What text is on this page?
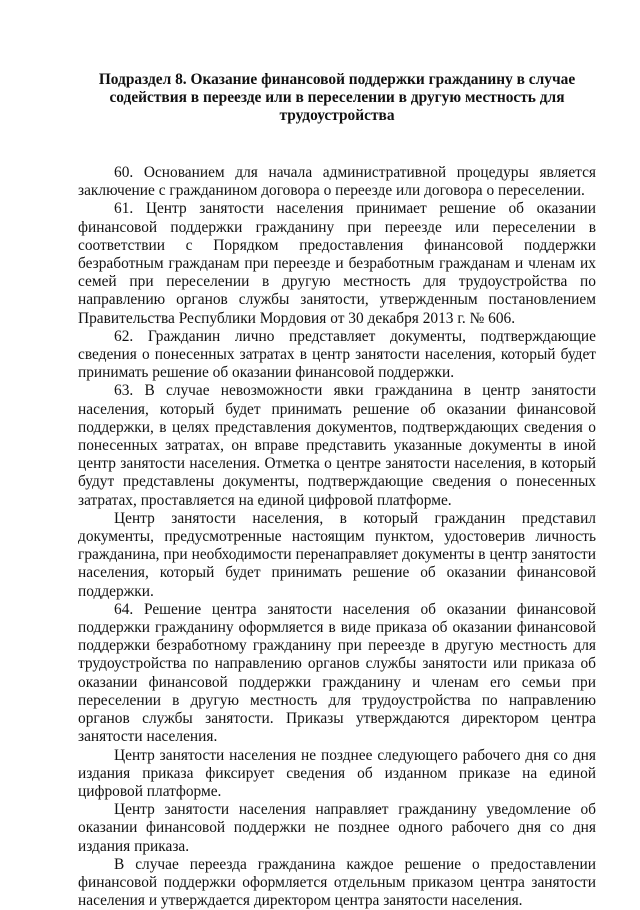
Подраздел 8. Оказание финансовой поддержки гражданину в случае содействия в переезде или в переселении в другую местность для трудоустройства

60. Основанием для начала административной процедуры является заключение с гражданином договора о переезде или договора о переселении.

61. Центр занятости населения принимает решение об оказании финансовой поддержки гражданину при переезде или переселении в соответствии с Порядком предоставления финансовой поддержки безработным гражданам при переезде и безработным гражданам и членам их семей при переселении в другую местность для трудоустройства по направлению органов службы занятости, утвержденным постановлением Правительства Республики Мордовия от 30 декабря 2013 г. № 606.

62. Гражданин лично представляет документы, подтверждающие сведения о понесенных затратах в центр занятости населения, который будет принимать решение об оказании финансовой поддержки.

63. В случае невозможности явки гражданина в центр занятости населения, который будет принимать решение об оказании финансовой поддержки, в целях представления документов, подтверждающих сведения о понесенных затратах, он вправе представить указанные документы в иной центр занятости населения. Отметка о центре занятости населения, в который будут представлены документы, подтверждающие сведения о понесенных затратах, проставляется на единой цифровой платформе.

Центр занятости населения, в который гражданин представил документы, предусмотренные настоящим пунктом, удостоверив личность гражданина, при необходимости перенаправляет документы в центр занятости населения, который будет принимать решение об оказании финансовой поддержки.

64. Решение центра занятости населения об оказании финансовой поддержки гражданину оформляется в виде приказа об оказании финансовой поддержки безработному гражданину при переезде в другую местность для трудоустройства по направлению органов службы занятости или приказа об оказании финансовой поддержки гражданину и членам его семьи при переселении в другую местность для трудоустройства по направлению органов службы занятости. Приказы утверждаются директором центра занятости населения.

Центр занятости населения не позднее следующего рабочего дня со дня издания приказа фиксирует сведения об изданном приказе на единой цифровой платформе.

Центр занятости населения направляет гражданину уведомление об оказании финансовой поддержки не позднее одного рабочего дня со дня издания приказа.

В случае переезда гражданина каждое решение о предоставлении финансовой поддержки оформляется отдельным приказом центра занятости населения и утверждается директором центра занятости населения.
